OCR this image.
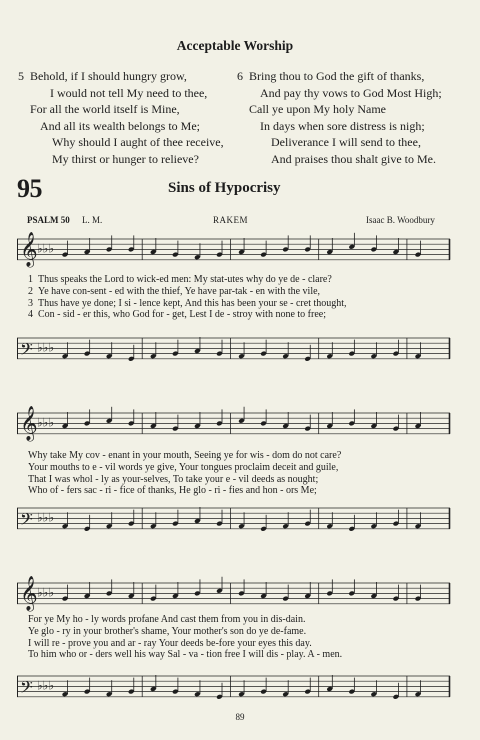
Acceptable Worship
5 Behold, if I should hungry grow,
I would not tell My need to thee,
For all the world itself is Mine,
And all its wealth belongs to Me;
Why should I aught of thee receive,
My thirst or hunger to relieve?
6 Bring thou to God the gift of thanks,
And pay thy vows to God Most High;
Call ye upon My holy Name
In days when sore distress is nigh;
Deliverance I will send to thee,
And praises thou shalt give to Me.
95	Sins of Hypocrisy
PSALM 50 L. M.	RAKEM	Isaac B. Woodbury
𝄞 ♭♭♭
1 Thus speaks the Lord to wick-ed men: My stat-utes why do ye de - clare?
2 Ye have con-sent - ed with the thief, Ye have par-tak - en with the vile,
3 Thus have ye done; I si - lence kept, And this has been your se - cret thought,
4 Con - sid - er this, who God for - get, Lest I de - stroy with none to free;
𝄢 ♭♭♭
𝄞 ♭♭♭
Why take My cov - enant in your mouth, Seeing ye for wis - dom do not care?
Your mouths to e - vil words ye give, Your tongues proclaim deceit and guile,
That I was whol - ly as your-selves, To take your e - vil deeds as nought;
Who of - fers sac - ri - fice of thanks, He glo - ri - fies and hon - ors Me;
𝄢 ♭♭♭
𝄞 ♭♭♭
For ye My ho - ly words profane And cast them from you in dis-dain.
Ye glo - ry in your brother's shame, Your mother's son do ye de-fame.
I will re - prove you and ar - ray Your deeds be-fore your eyes this day.
To him who or - ders well his way Sal - va - tion free I will dis - play. A - men.
𝄢 ♭♭♭
89
